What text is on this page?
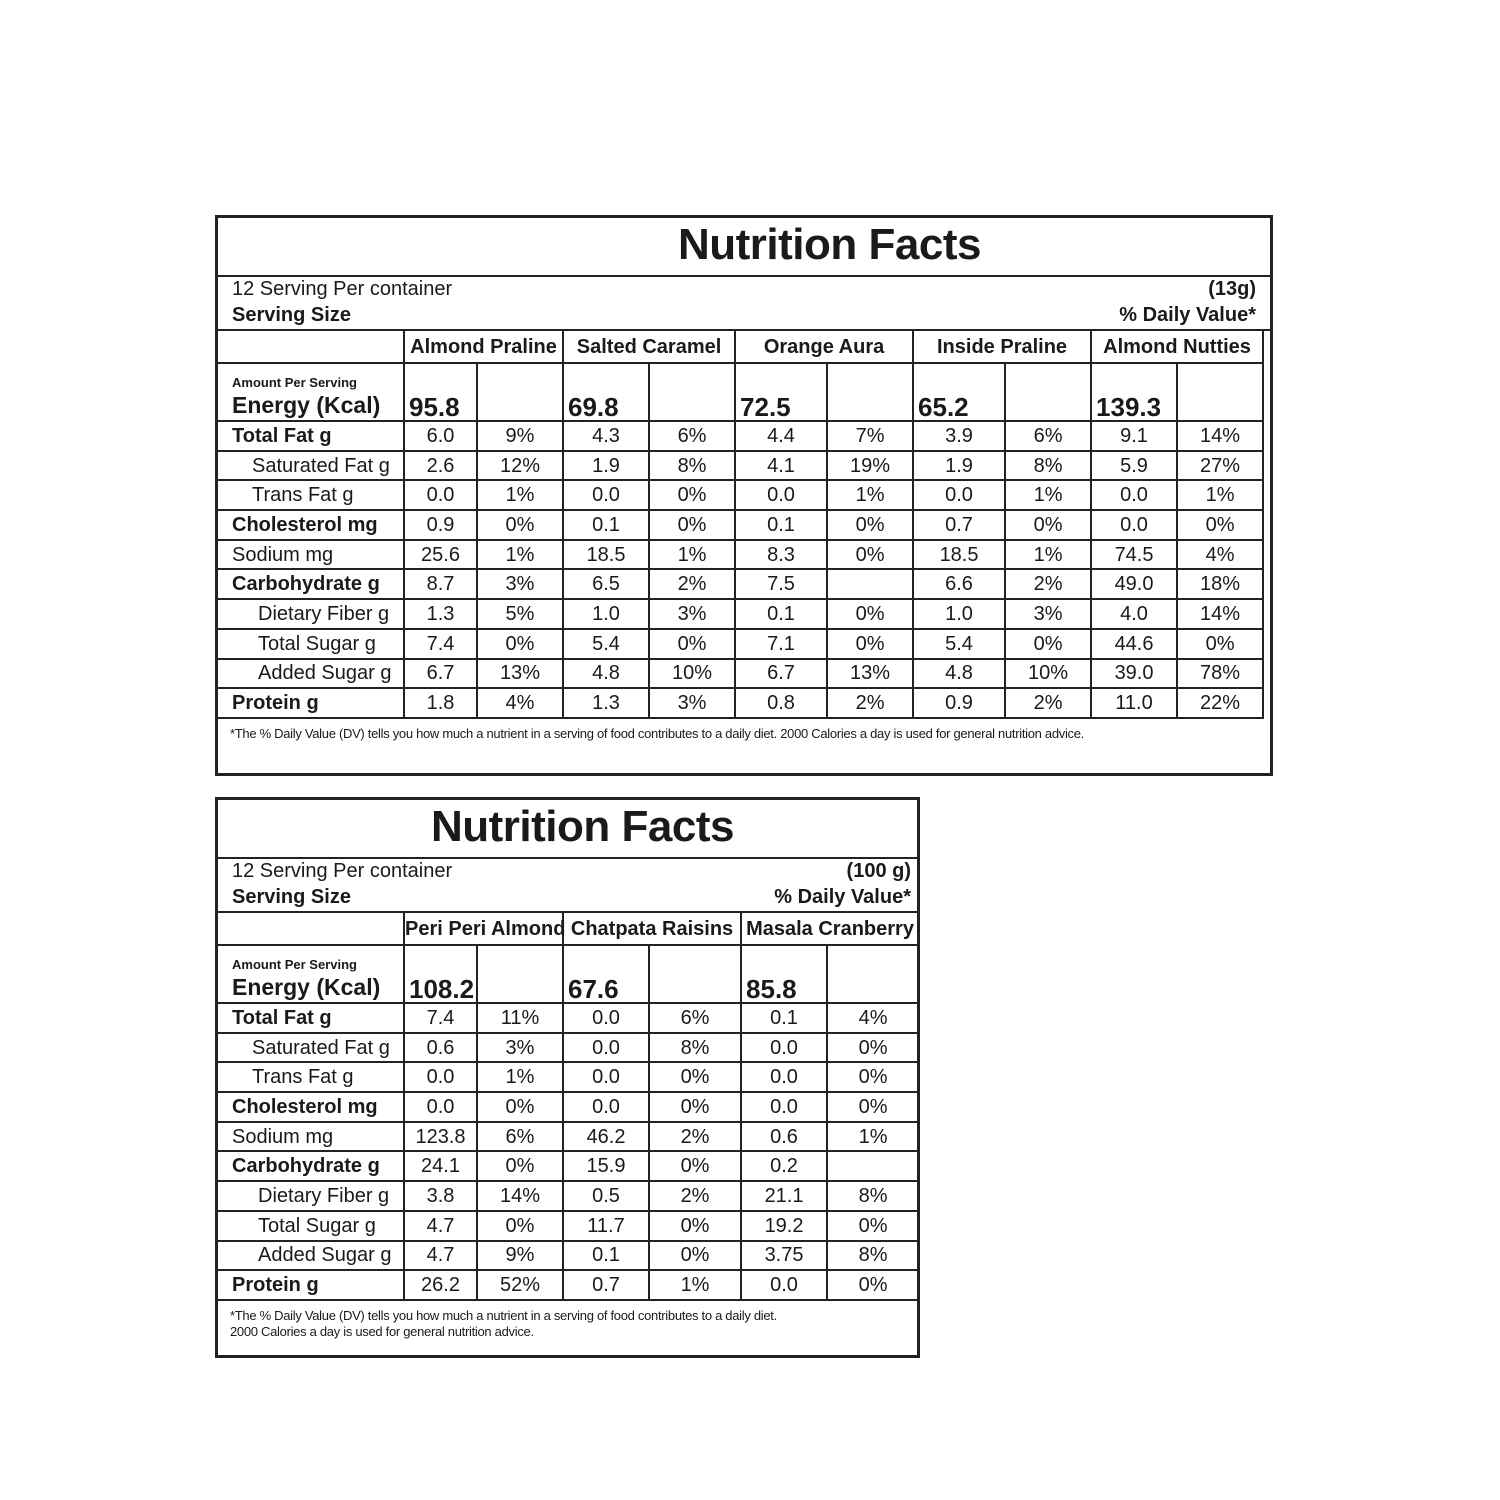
Nutrition Facts
12 Serving Per container
Serving Size
(13g)
% Daily Value*
	Almond Praline		Salted Caramel		Orange Aura		Inside Praline		Almond Nutties	

Amount Per Serving
Energy (Kcal)	95.8		69.8		72.5		65.2		139.3	
Total Fat g	6.0	9%	4.3	6%	4.4	7%	3.9	6%	9.1	14%
Saturated Fat g	2.6	12%	1.9	8%	4.1	19%	1.9	8%	5.9	27%
Trans Fat g	0.0	1%	0.0	0%	0.0	1%	0.0	1%	0.0	1%
Cholesterol mg	0.9	0%	0.1	0%	0.1	0%	0.7	0%	0.0	0%
Sodium mg	25.6	1%	18.5	1%	8.3	0%	18.5	1%	74.5	4%
Carbohydrate g	8.7	3%	6.5	2%	7.5		6.6	2%	49.0	18%
Dietary Fiber g	1.3	5%	1.0	3%	0.1	0%	1.0	3%	4.0	14%
Total Sugar g	7.4	0%	5.4	0%	7.1	0%	5.4	0%	44.6	0%
Added Sugar g	6.7	13%	4.8	10%	6.7	13%	4.8	10%	39.0	78%
Protein g	1.8	4%	1.3	3%	0.8	2%	0.9	2%	11.0	22%
*The % Daily Value (DV) tells you how much a nutrient in a serving of food contributes to a daily diet. 2000 Calories a day is used for general nutrition advice.
Nutrition Facts
12 Serving Per container
Serving Size
(100 g)
% Daily Value*
	Peri Peri Almond		Chatpata Raisins		Masala Cranberry	

Amount Per Serving
Energy (Kcal)	108.2		67.6		85.8	
Total Fat g	7.4	11%	0.0	6%	0.1	4%
Saturated Fat g	0.6	3%	0.0	8%	0.0	0%
Trans Fat g	0.0	1%	0.0	0%	0.0	0%
Cholesterol mg	0.0	0%	0.0	0%	0.0	0%
Sodium mg	123.8	6%	46.2	2%	0.6	1%
Carbohydrate g	24.1	0%	15.9	0%	0.2	
Dietary Fiber g	3.8	14%	0.5	2%	21.1	8%
Total Sugar g	4.7	0%	11.7	0%	19.2	0%
Added Sugar g	4.7	9%	0.1	0%	3.75	8%
Protein g	26.2	52%	0.7	1%	0.0	0%
*The % Daily Value (DV) tells you how much a nutrient in a serving of food contributes to a daily diet.
2000 Calories a day is used for general nutrition advice.
